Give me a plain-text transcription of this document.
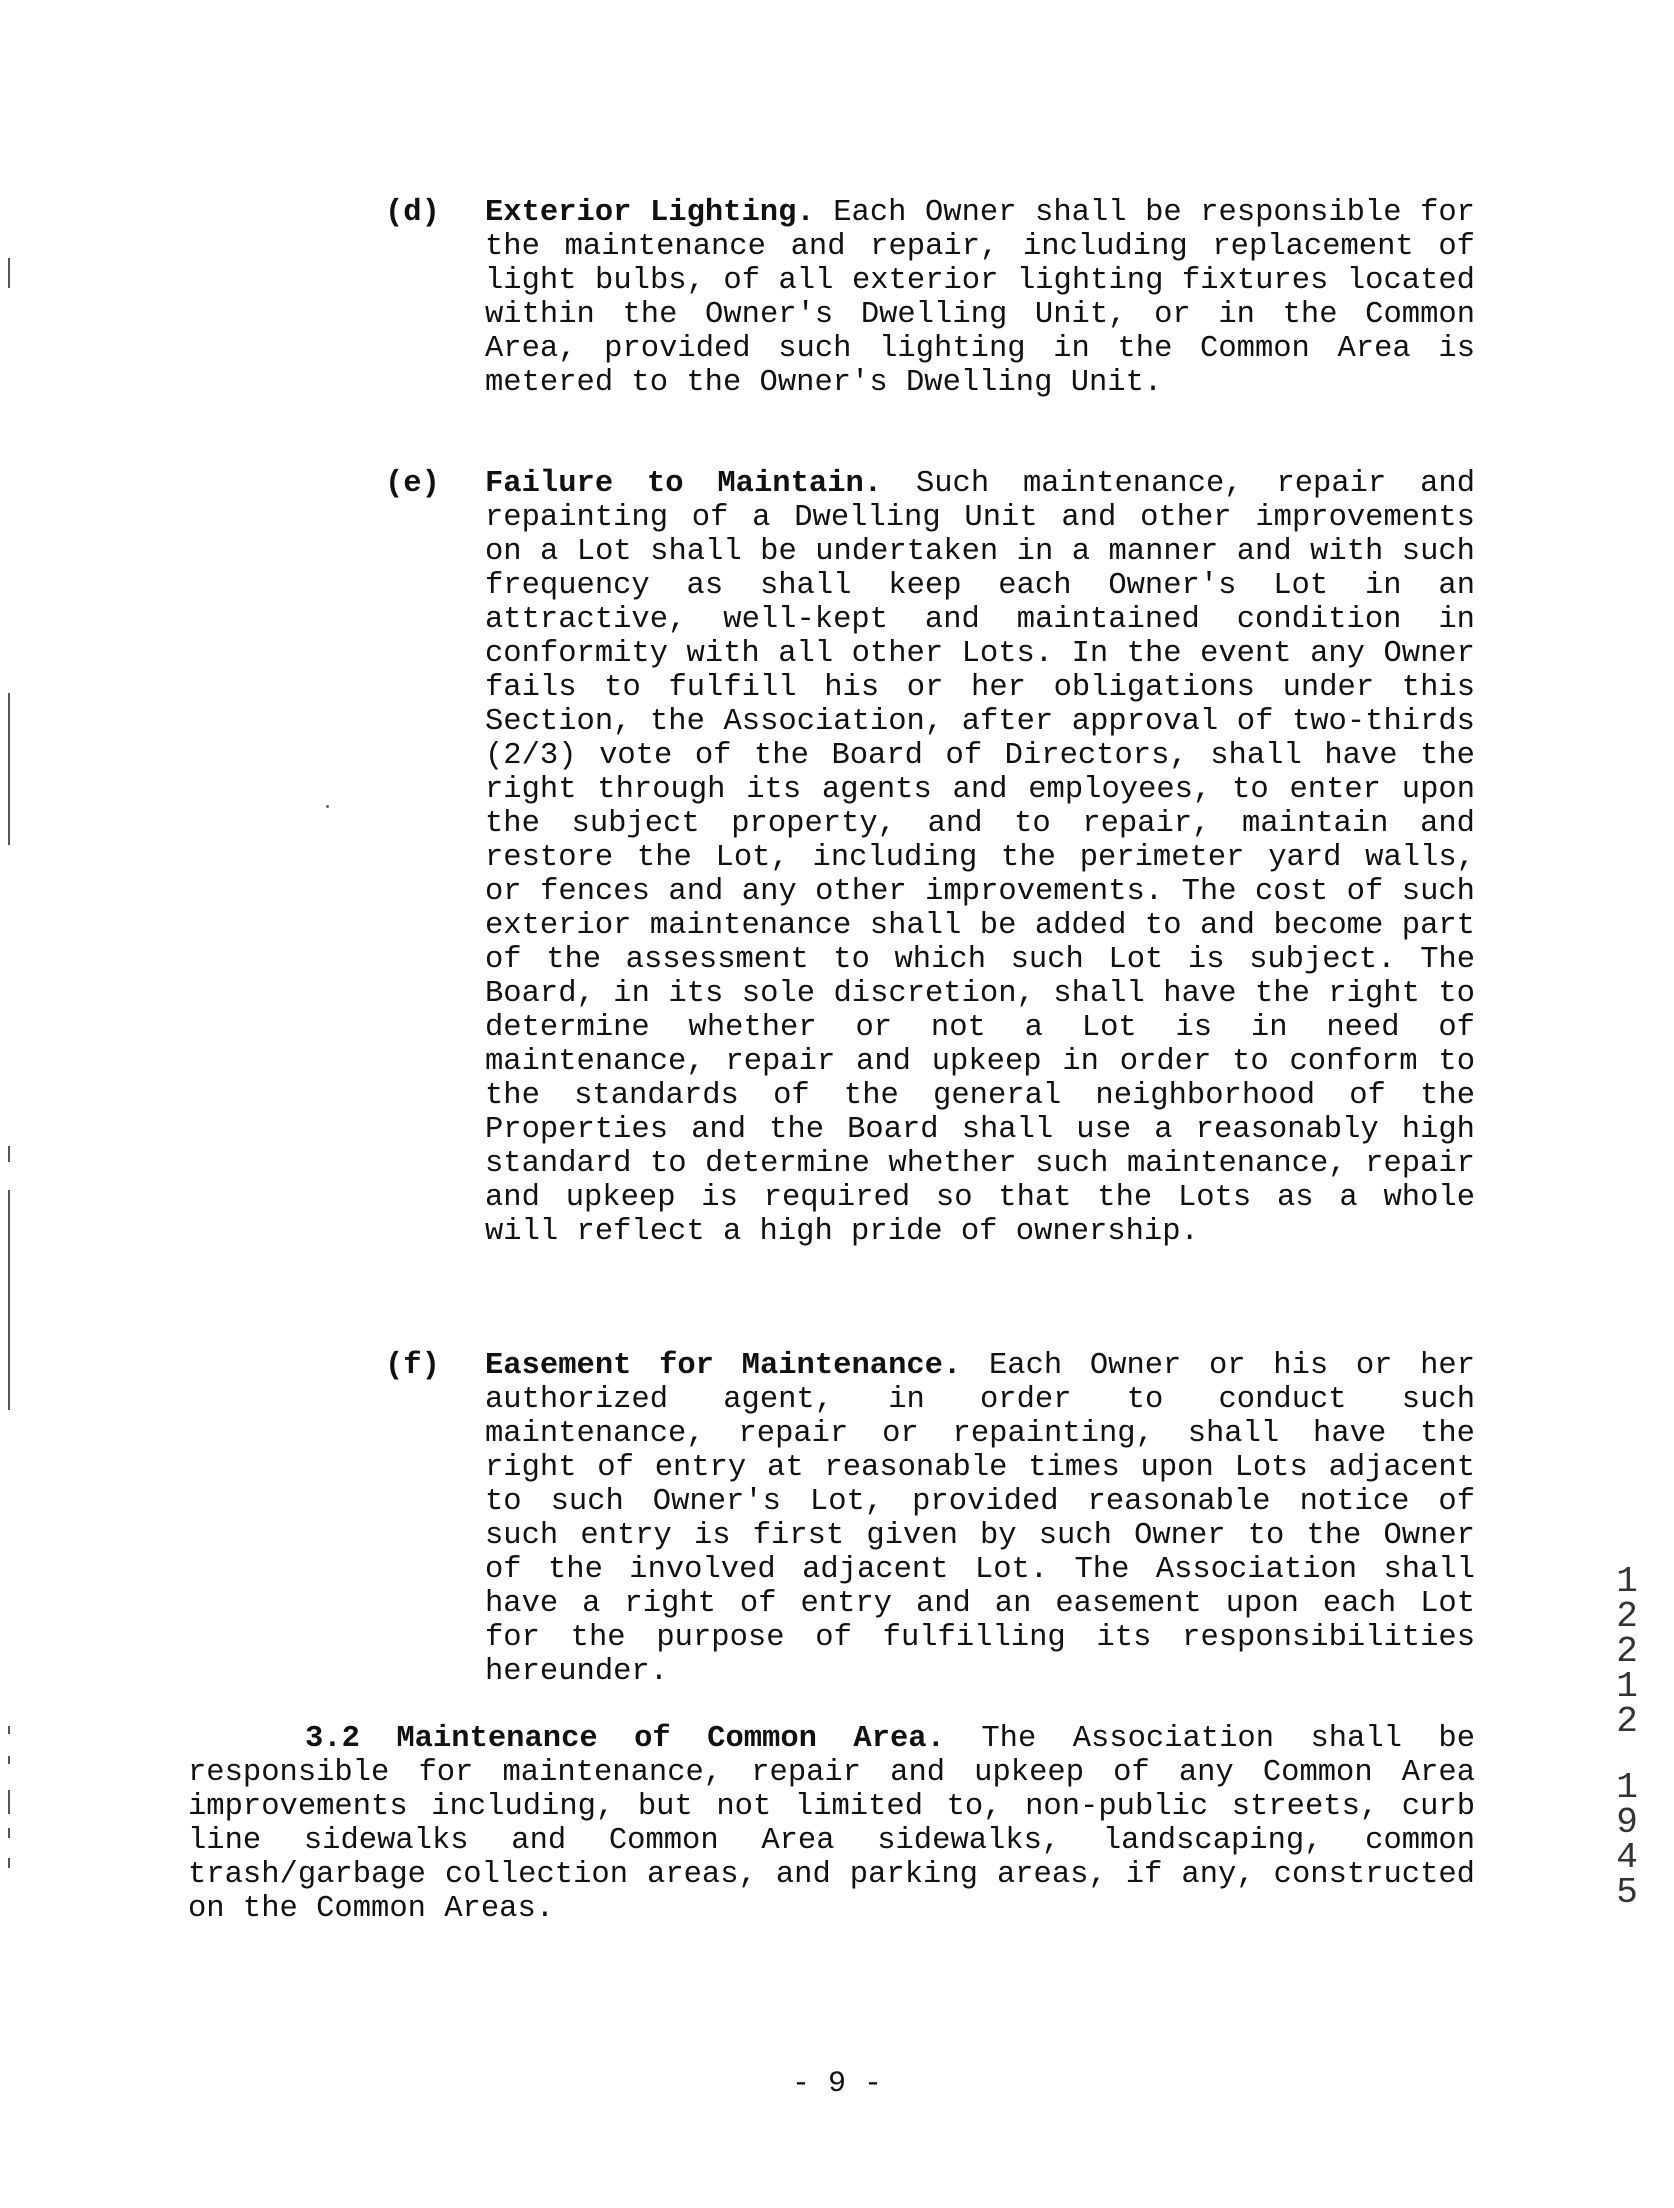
(d) Exterior Lighting. Each Owner shall be responsible for the maintenance and repair, including replacement of light bulbs, of all exterior lighting fixtures located within the Owner's Dwelling Unit, or in the Common Area, provided such lighting in the Common Area is metered to the Owner's Dwelling Unit.
(e) Failure to Maintain. Such maintenance, repair and repainting of a Dwelling Unit and other improvements on a Lot shall be undertaken in a manner and with such frequency as shall keep each Owner's Lot in an attractive, well-kept and maintained condition in conformity with all other Lots. In the event any Owner fails to fulfill his or her obligations under this Section, the Association, after approval of two-thirds (2/3) vote of the Board of Directors, shall have the right through its agents and employees, to enter upon the subject property, and to repair, maintain and restore the Lot, including the perimeter yard walls, or fences and any other improvements. The cost of such exterior maintenance shall be added to and become part of the assessment to which such Lot is subject. The Board, in its sole discretion, shall have the right to determine whether or not a Lot is in need of maintenance, repair and upkeep in order to conform to the standards of the general neighborhood of the Properties and the Board shall use a reasonably high standard to determine whether such maintenance, repair and upkeep is required so that the Lots as a whole will reflect a high pride of ownership.
(f) Easement for Maintenance. Each Owner or his or her authorized agent, in order to conduct such maintenance, repair or repainting, shall have the right of entry at reasonable times upon Lots adjacent to such Owner's Lot, provided reasonable notice of such entry is first given by such Owner to the Owner of the involved adjacent Lot. The Association shall have a right of entry and an easement upon each Lot for the purpose of fulfilling its responsibilities hereunder.
3.2 Maintenance of Common Area. The Association shall be responsible for maintenance, repair and upkeep of any Common Area improvements including, but not limited to, non-public streets, curb line sidewalks and Common Area sidewalks, landscaping, common trash/garbage collection areas, and parking areas, if any, constructed on the Common Areas.
- 9 -
1
2
2
1
2
1
9
4
5
